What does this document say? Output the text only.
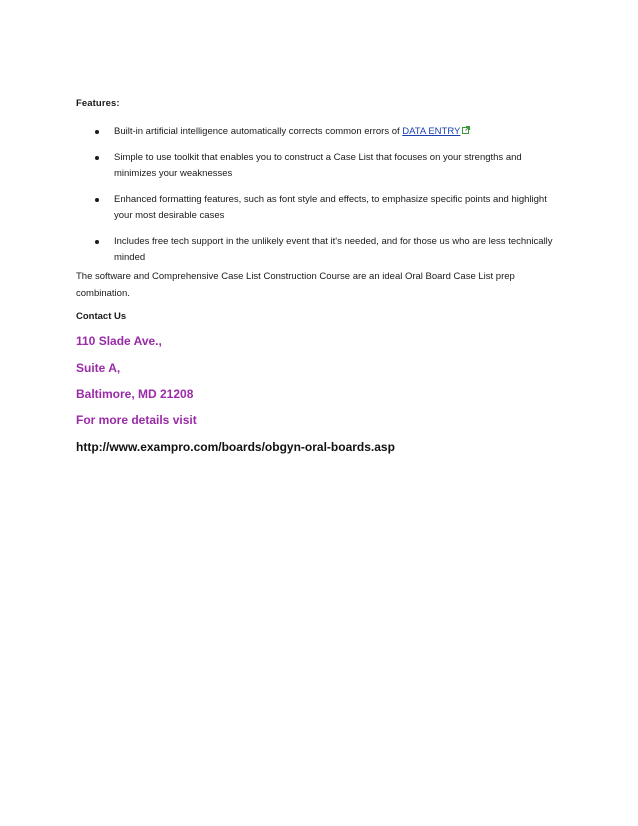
Features:
Built-in artificial intelligence automatically corrects common errors of DATA ENTRY
Simple to use toolkit that enables you to construct a Case List that focuses on your strengths and
minimizes your weaknesses
Enhanced formatting features, such as font style and effects, to emphasize specific points and highlight
your most desirable cases
Includes free tech support in the unlikely event that it's needed, and for those us who are less technically
minded
The software and Comprehensive Case List Construction Course are an ideal Oral Board Case List prep
combination.
Contact Us
110 Slade Ave.,
Suite A,
Baltimore, MD 21208
For more details visit
http://www.exampro.com/boards/obgyn-oral-boards.asp
